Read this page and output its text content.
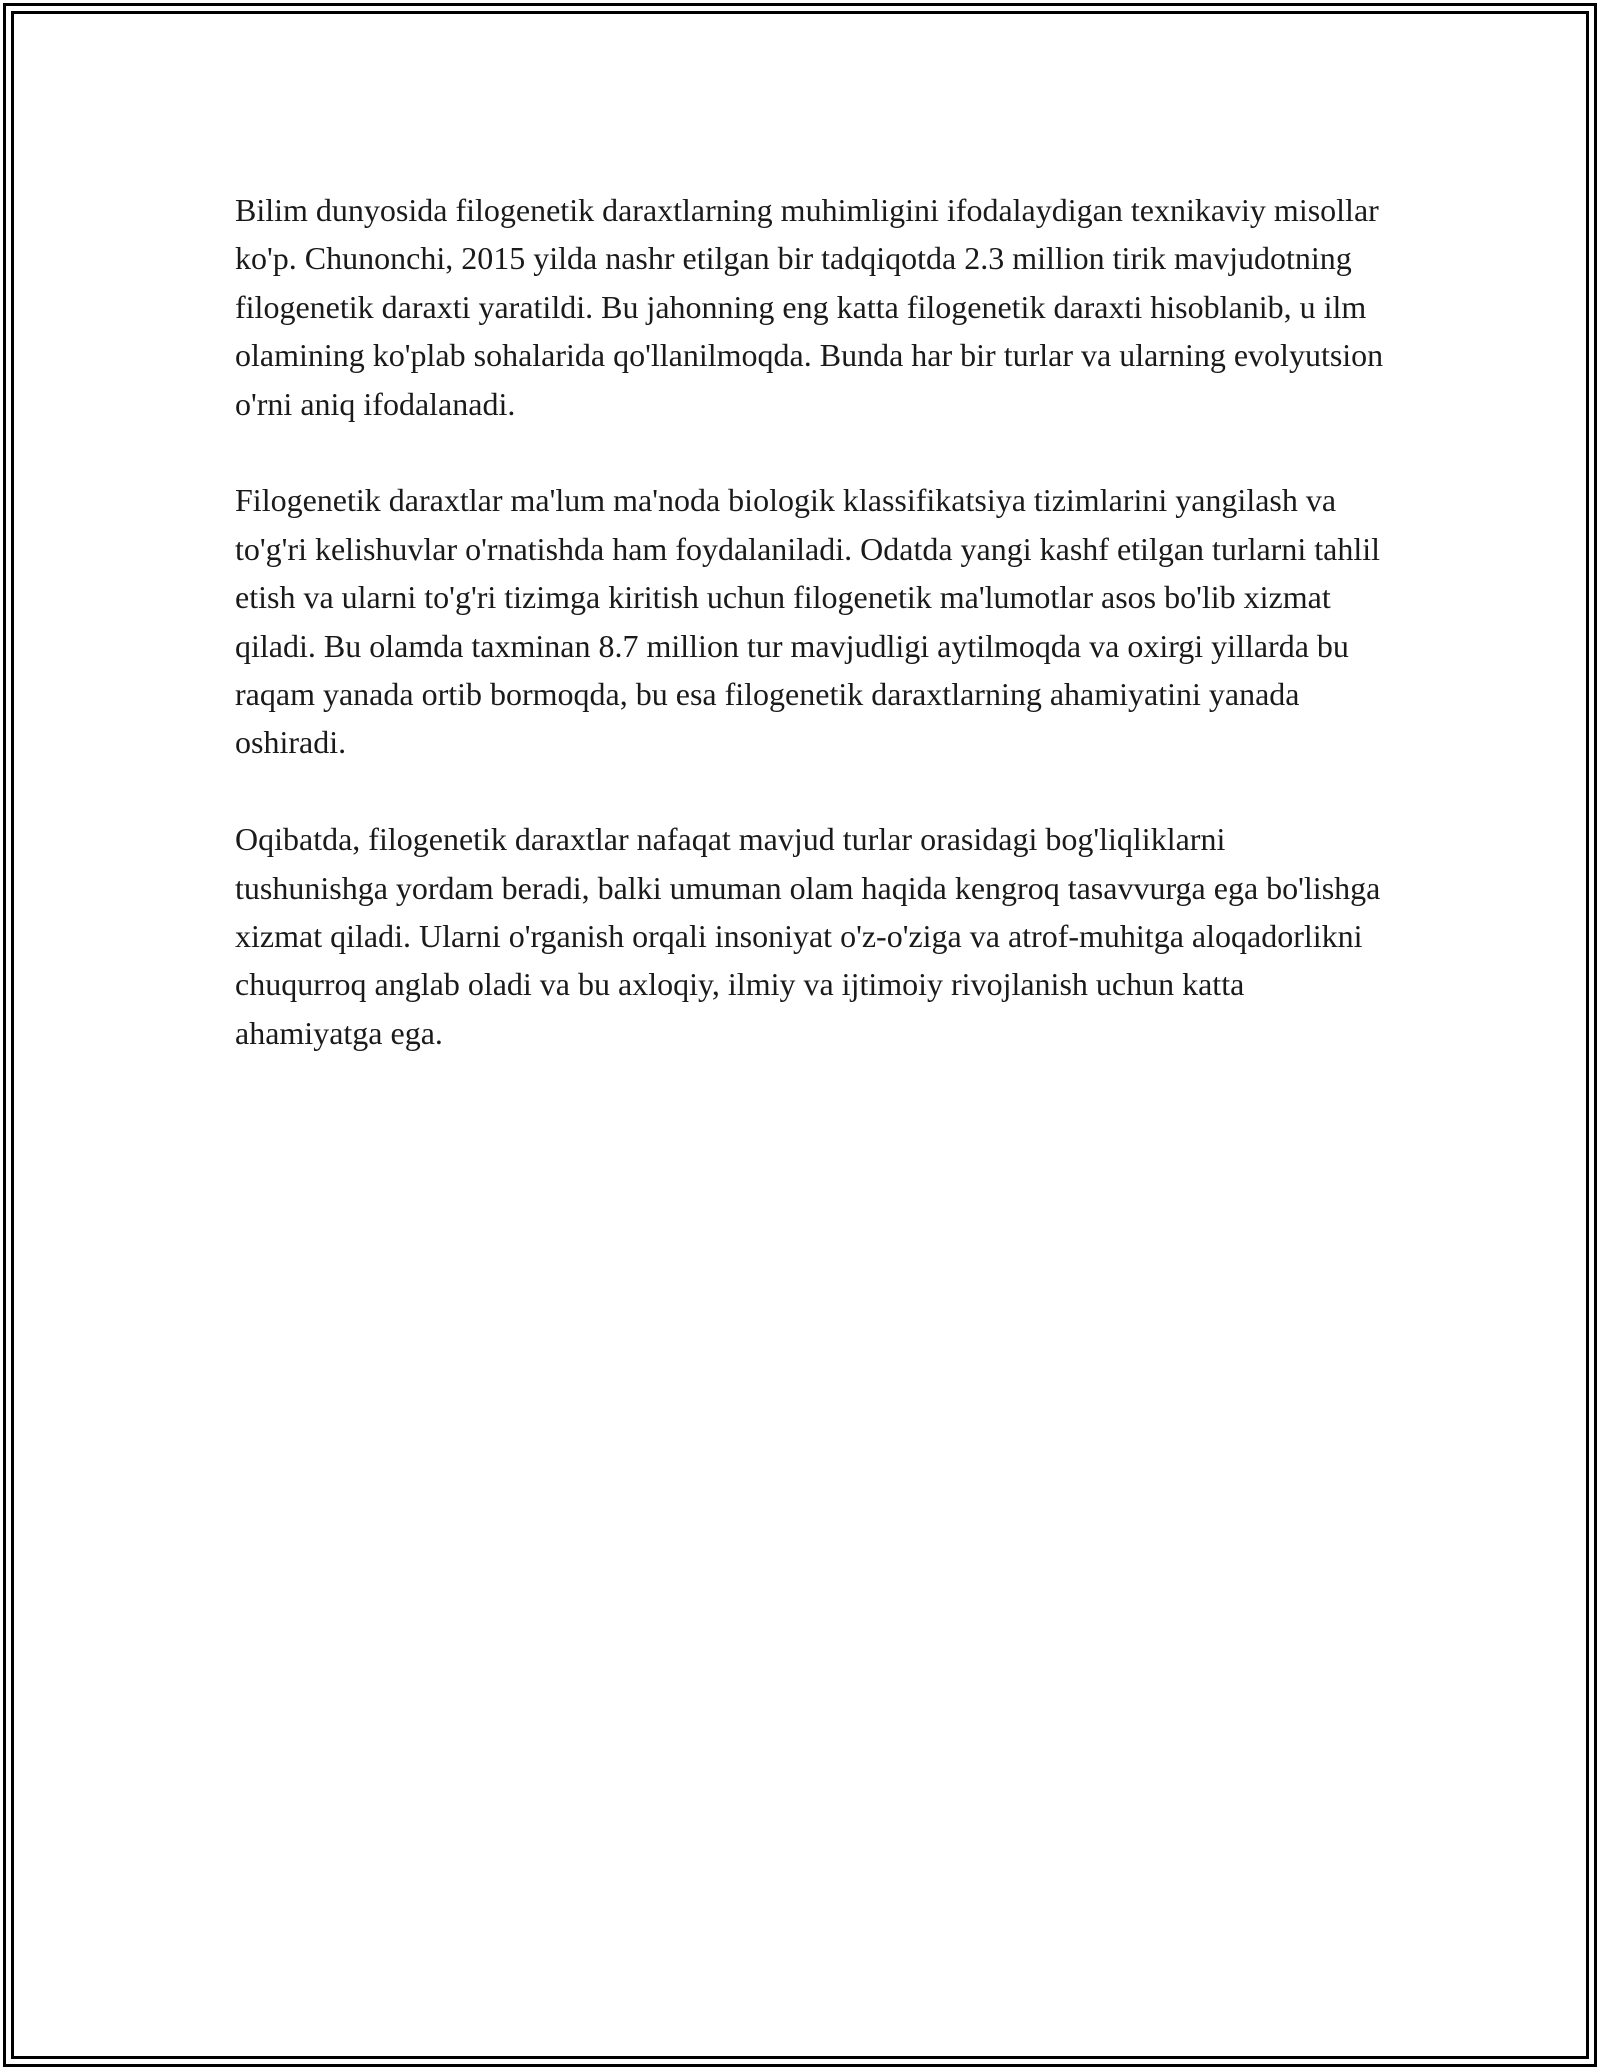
Bilim dunyosida filogenetik daraxtlarning muhimligini ifodalaydigan texnikaviy misollar ko'p. Chunonchi, 2015 yilda nashr etilgan bir tadqiqotda 2.3 million tirik mavjudotning filogenetik daraxti yaratildi. Bu jahonning eng katta filogenetik daraxti hisoblanib, u ilm olamining ko'plab sohalarida qo'llanilmoqda. Bunda har bir turlar va ularning evolyutsion o'rni aniq ifodalanadi.

Filogenetik daraxtlar ma'lum ma'noda biologik klassifikatsiya tizimlarini yangilash va to'g'ri kelishuvlar o'rnatishda ham foydalaniladi. Odatda yangi kashf etilgan turlarni tahlil etish va ularni to'g'ri tizimga kiritish uchun filogenetik ma'lumotlar asos bo'lib xizmat qiladi. Bu olamda taxminan 8.7 million tur mavjudligi aytilmoqda va oxirgi yillarda bu raqam yanada ortib bormoqda, bu esa filogenetik daraxtlarning ahamiyatini yanada oshiradi.

Oqibatda, filogenetik daraxtlar nafaqat mavjud turlar orasidagi bog'liqliklarni tushunishga yordam beradi, balki umuman olam haqida kengroq tasavvurga ega bo'lishga xizmat qiladi. Ularni o'rganish orqali insoniyat o'z-o'ziga va atrof-muhitga aloqadorlikni chuqurroq anglab oladi va bu axloqiy, ilmiy va ijtimoiy rivojlanish uchun katta ahamiyatga ega.
